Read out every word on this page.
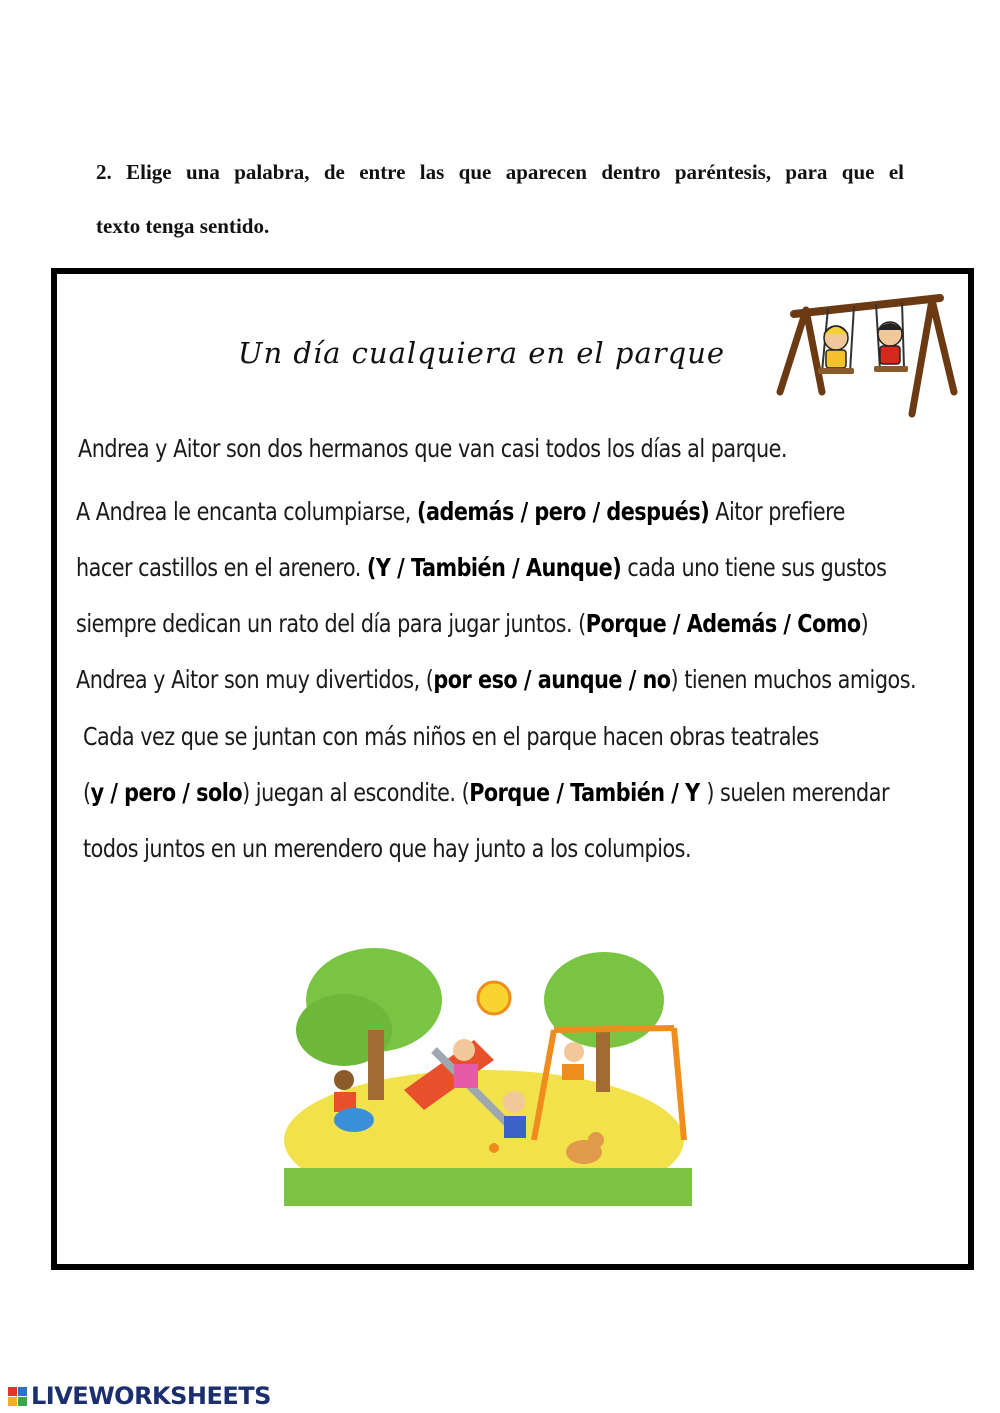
2. Elige una palabra, de entre las que aparecen dentro paréntesis, para que el
texto tenga sentido.
Un día cualquiera en el parque
Andrea y Aitor son dos hermanos que van casi todos los días al parque.
A Andrea le encanta columpiarse, (además / pero / después) Aitor prefiere
hacer castillos en el arenero. (Y / También / Aunque) cada uno tiene sus gustos
siempre dedican un rato del día para jugar juntos. (Porque / Además / Como)
Andrea y Aitor son muy divertidos, (por eso / aunque / no) tienen muchos amigos.
Cada vez que se juntan con más niños en el parque hacen obras teatrales
(y / pero / solo) juegan al escondite. (Porque / También / Y ) suelen merendar
todos juntos en un merendero que hay junto a los columpios.
LIVEWORKSHEETS
